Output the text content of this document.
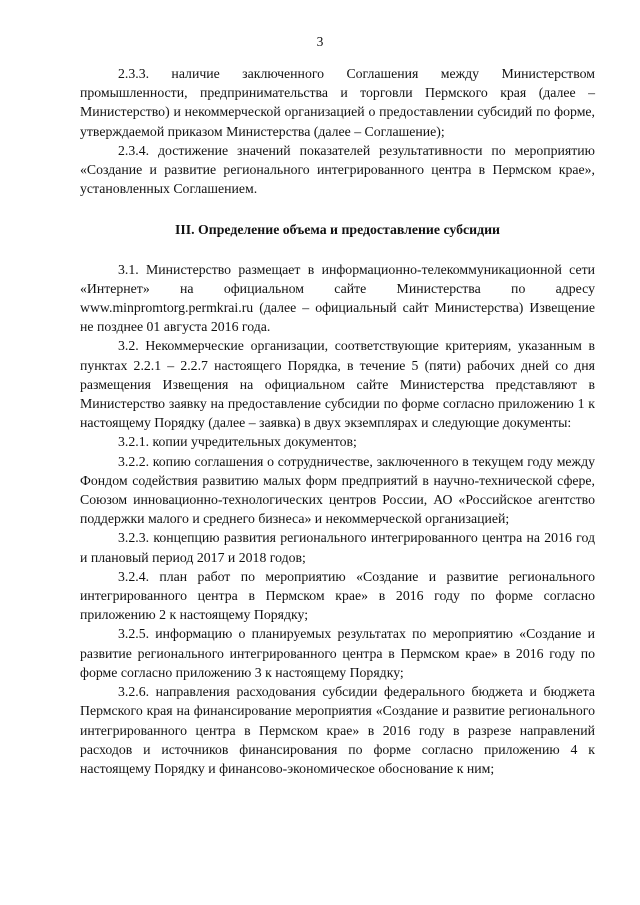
3

2.3.3. наличие заключенного Соглашения между Министерством промышленности, предпринимательства и торговли Пермского края (далее – Министерство) и некоммерческой организацией о предоставлении субсидий по форме, утверждаемой приказом Министерства (далее – Соглашение);

2.3.4. достижение значений показателей результативности по мероприятию «Создание и развитие регионального интегрированного центра в Пермском крае», установленных Соглашением.

III. Определение объема и предоставление субсидии

3.1. Министерство размещает в информационно-телекоммуникационной сети «Интернет» на официальном сайте Министерства по адресу www.minpromtorg.permkrai.ru (далее – официальный сайт Министерства) Извещение не позднее 01 августа 2016 года.

3.2. Некоммерческие организации, соответствующие критериям, указанным в пунктах 2.2.1 – 2.2.7 настоящего Порядка, в течение 5 (пяти) рабочих дней со дня размещения Извещения на официальном сайте Министерства представляют в Министерство заявку на предоставление субсидии по форме согласно приложению 1 к настоящему Порядку (далее – заявка) в двух экземплярах и следующие документы:

3.2.1. копии учредительных документов;

3.2.2. копию соглашения о сотрудничестве, заключенного в текущем году между Фондом содействия развитию малых форм предприятий в научно-технической сфере, Союзом инновационно-технологических центров России, АО «Российское агентство поддержки малого и среднего бизнеса» и некоммерческой организацией;

3.2.3. концепцию развития регионального интегрированного центра на 2016 год и плановый период 2017 и 2018 годов;

3.2.4. план работ по мероприятию «Создание и развитие регионального интегрированного центра в Пермском крае» в 2016 году по форме согласно приложению 2 к настоящему Порядку;

3.2.5. информацию о планируемых результатах по мероприятию «Создание и развитие регионального интегрированного центра в Пермском крае» в 2016 году по форме согласно приложению 3 к настоящему Порядку;

3.2.6. направления расходования субсидии федерального бюджета и бюджета Пермского края на финансирование мероприятия «Создание и развитие регионального интегрированного центра в Пермском крае» в 2016 году в разрезе направлений расходов и источников финансирования по форме согласно приложению 4 к настоящему Порядку и финансово-экономическое обоснование к ним;
